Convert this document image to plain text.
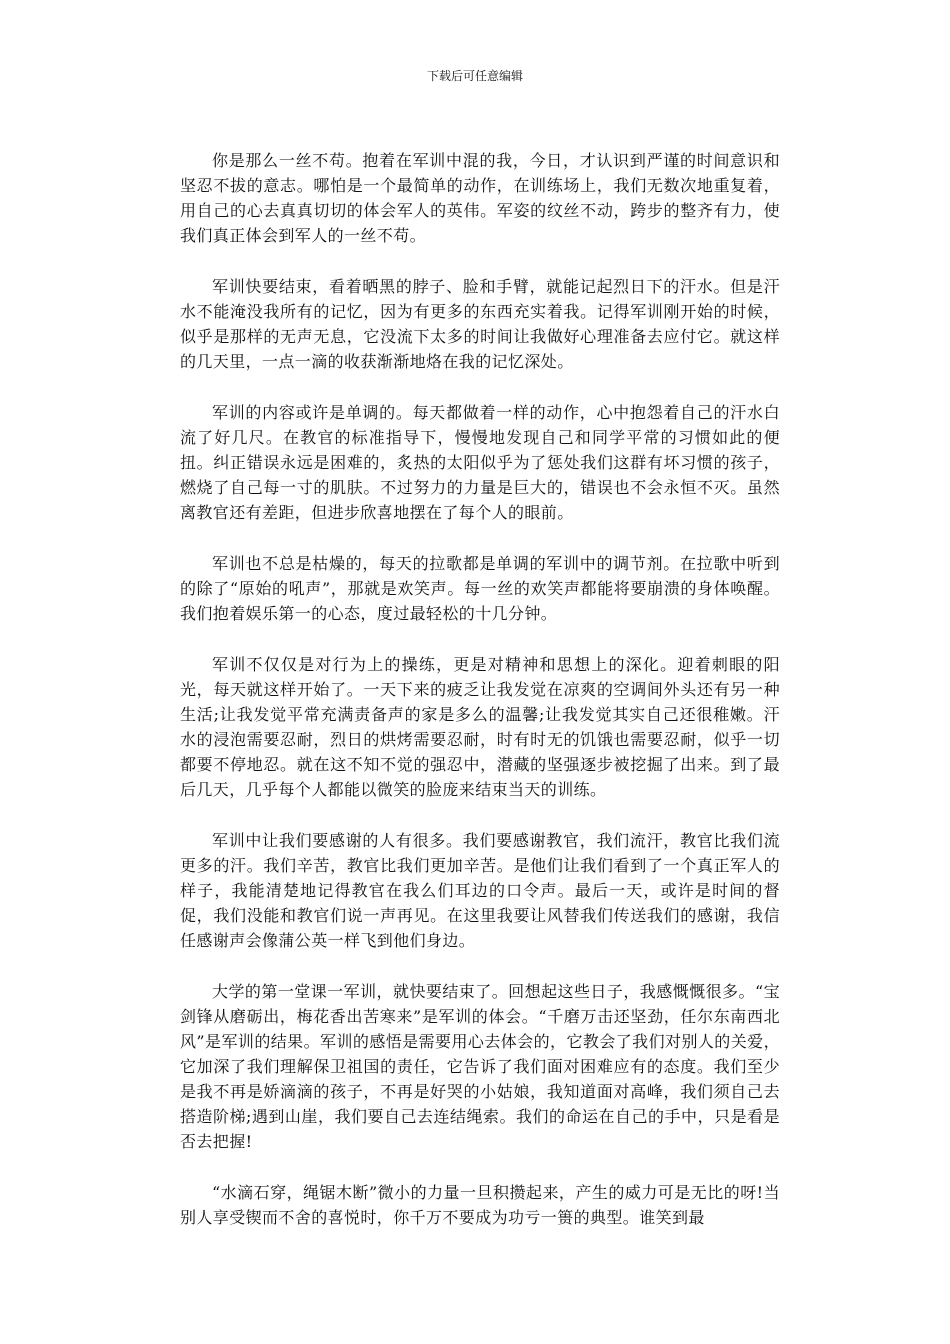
下载后可任意编辑

你是那么一丝不苟。抱着在军训中混的我，今日，才认识到严谨的时间意识和坚忍不拔的意志。哪怕是一个最简单的动作，在训练场上，我们无数次地重复着，用自己的心去真真切切的体会军人的英伟。军姿的纹丝不动，跨步的整齐有力，使我们真正体会到军人的一丝不苟。

军训快要结束，看着晒黑的脖子、脸和手臂，就能记起烈日下的汗水。但是汗水不能淹没我所有的记忆，因为有更多的东西充实着我。记得军训刚开始的时候，似乎是那样的无声无息，它没流下太多的时间让我做好心理准备去应付它。就这样的几天里，一点一滴的收获渐渐地烙在我的记忆深处。

军训的内容或许是单调的。每天都做着一样的动作，心中抱怨着自己的汗水白流了好几尺。在教官的标准指导下，慢慢地发现自己和同学平常的习惯如此的便扭。纠正错误永远是困难的，炙热的太阳似乎为了惩处我们这群有坏习惯的孩子，燃烧了自己每一寸的肌肤。不过努力的力量是巨大的，错误也不会永恒不灭。虽然离教官还有差距，但进步欣喜地摆在了每个人的眼前。

军训也不总是枯燥的，每天的拉歌都是单调的军训中的调节剂。在拉歌中听到的除了“原始的吼声”，那就是欢笑声。每一丝的欢笑声都能将要崩溃的身体唤醒。我们抱着娱乐第一的心态，度过最轻松的十几分钟。

军训不仅仅是对行为上的操练，更是对精神和思想上的深化。迎着刺眼的阳光，每天就这样开始了。一天下来的疲乏让我发觉在凉爽的空调间外头还有另一种生活;让我发觉平常充满责备声的家是多么的温馨;让我发觉其实自己还很稚嫩。汗水的浸泡需要忍耐，烈日的烘烤需要忍耐，时有时无的饥饿也需要忍耐，似乎一切都要不停地忍。就在这不知不觉的强忍中，潜藏的坚强逐步被挖掘了出来。到了最后几天，几乎每个人都能以微笑的脸庞来结束当天的训练。

军训中让我们要感谢的人有很多。我们要感谢教官，我们流汗，教官比我们流更多的汗。我们辛苦，教官比我们更加辛苦。是他们让我们看到了一个真正军人的样子，我能清楚地记得教官在我么们耳边的口令声。最后一天，或许是时间的督促，我们没能和教官们说一声再见。在这里我要让风替我们传送我们的感谢，我信任感谢声会像蒲公英一样飞到他们身边。

大学的第一堂课一军训，就快要结束了。回想起这些日子，我感慨慨很多。“宝剑锋从磨砺出，梅花香出苦寒来”是军训的体会。“千磨万击还坚劲，任尔东南西北风”是军训的结果。军训的感悟是需要用心去体会的，它教会了我们对别人的关爱，它加深了我们理解保卫祖国的责任，它告诉了我们面对困难应有的态度。我们至少是我不再是娇滴滴的孩子，不再是好哭的小姑娘，我知道面对高峰，我们须自己去搭造阶梯;遇到山崖，我们要自己去连结绳索。我们的命运在自己的手中，只是看是否去把握!

“水滴石穿，绳锯木断”微小的力量一旦积攒起来，产生的威力可是无比的呀!当别人享受锲而不舍的喜悦时，你千万不要成为功亏一篑的典型。谁笑到最
